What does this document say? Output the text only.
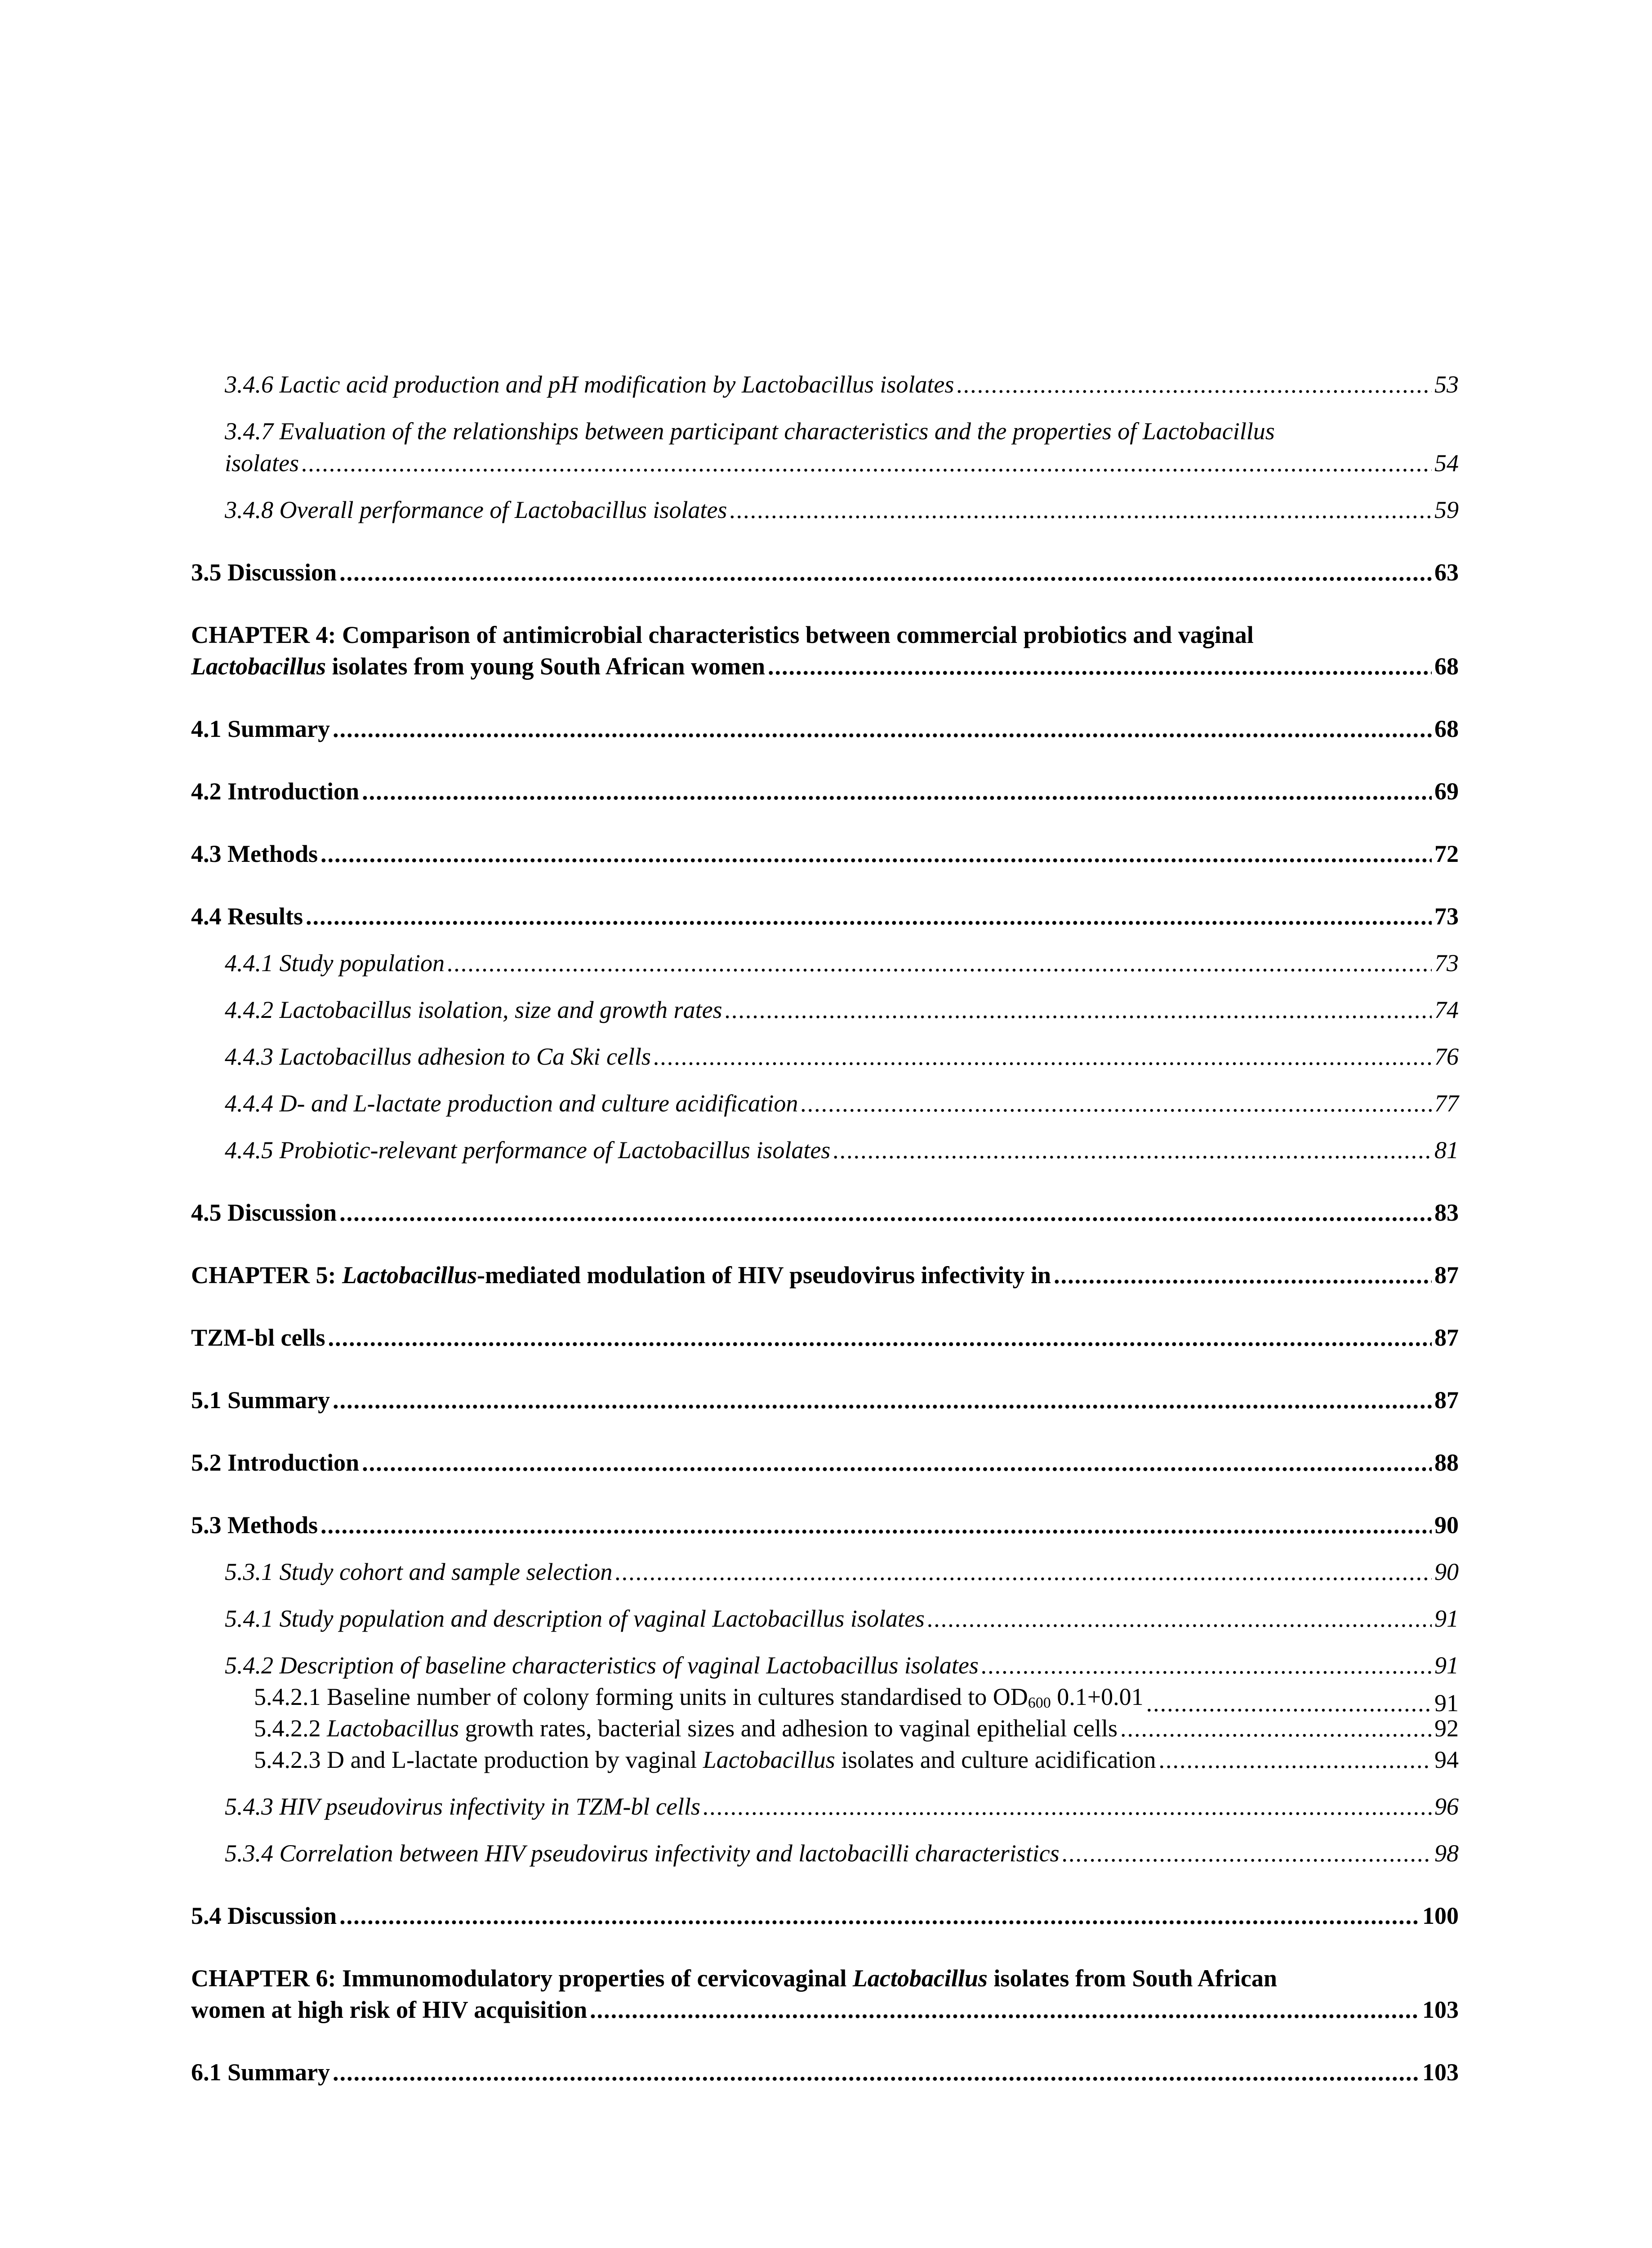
3.4.6 Lactic acid production and pH modification by Lactobacillus isolates .....	53
3.4.7 Evaluation of the relationships between participant characteristics and the properties of Lactobacillus
isolates .....	54
3.4.8 Overall performance of Lactobacillus isolates .....	59
3.5 Discussion .....	63
CHAPTER 4: Comparison of antimicrobial characteristics between commercial probiotics and vaginal
Lactobacillus isolates from young South African women .....	68
4.1 Summary .....	68
4.2 Introduction .....	69
4.3 Methods .....	72
4.4 Results .....	73
4.4.1 Study population .....	73
4.4.2 Lactobacillus isolation, size and growth rates .....	74
4.4.3 Lactobacillus adhesion to Ca Ski cells .....	76
4.4.4 D- and L-lactate production and culture acidification .....	77
4.4.5 Probiotic-relevant performance of Lactobacillus isolates .....	81
4.5 Discussion .....	83
CHAPTER 5: Lactobacillus-mediated modulation of HIV pseudovirus infectivity in .....	87
TZM-bl cells .....	87
5.1 Summary .....	87
5.2 Introduction .....	88
5.3 Methods .....	90
5.3.1 Study cohort and sample selection .....	90
5.4.1 Study population and description of vaginal Lactobacillus isolates .....	91
5.4.2 Description of baseline characteristics of vaginal Lactobacillus isolates .....	91
5.4.2.1 Baseline number of colony forming units in cultures standardised to OD600 0.1+0.01 .....	91
5.4.2.2 Lactobacillus growth rates, bacterial sizes and adhesion to vaginal epithelial cells .....	92
5.4.2.3 D and L-lactate production by vaginal Lactobacillus isolates and culture acidification .....	94
5.4.3 HIV pseudovirus infectivity in TZM-bl cells .....	96
5.3.4 Correlation between HIV pseudovirus infectivity and lactobacilli characteristics .....	98
5.4 Discussion .....	100
CHAPTER 6: Immunomodulatory properties of cervicovaginal Lactobacillus isolates from South African
women at high risk of HIV acquisition .....	103
6.1 Summary .....	103
